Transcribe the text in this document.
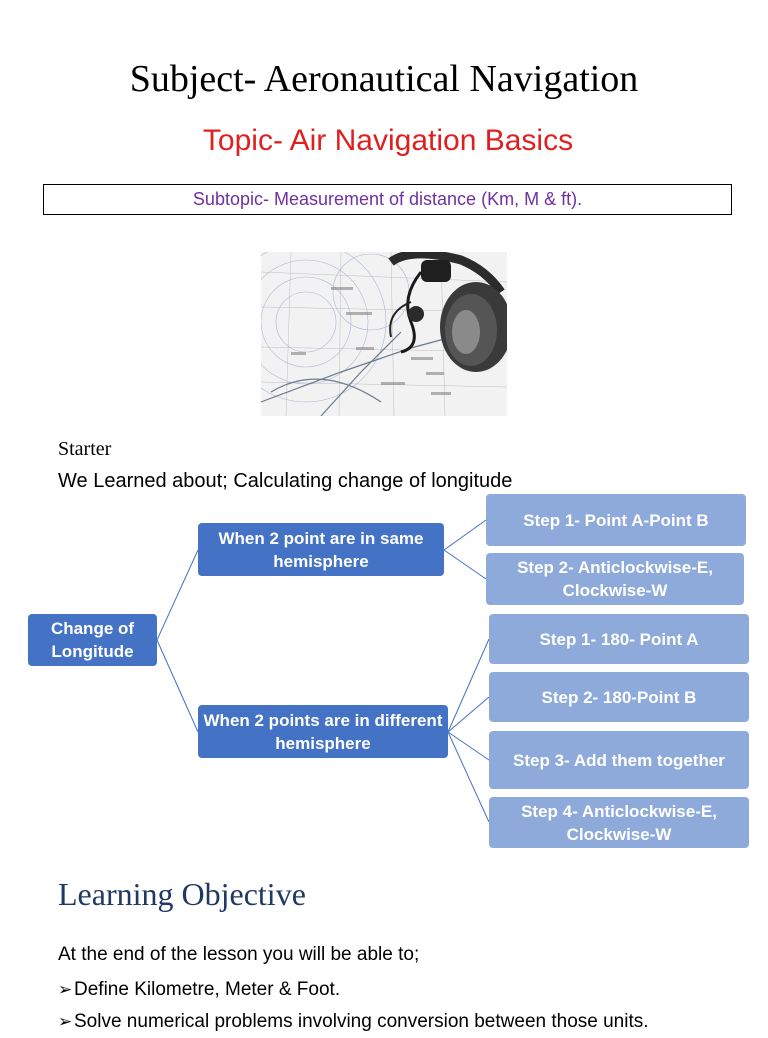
Subject- Aeronautical Navigation
Topic- Air Navigation Basics
Subtopic- Measurement of distance (Km, M & ft).
Starter
We Learned about; Calculating change of longitude
Change of Longitude
When 2 point are in same hemisphere
When 2 points are in different hemisphere
Step 1- Point A-Point B
Step 2- Anticlockwise-E, Clockwise-W
Step 1- 180- Point A
Step 2- 180-Point B
Step 3- Add them together
Step 4- Anticlockwise-E, Clockwise-W
Learning Objective
At the end of the lesson you will be able to;
➢Define Kilometre, Meter & Foot.
➢Solve numerical problems involving conversion between those units.
